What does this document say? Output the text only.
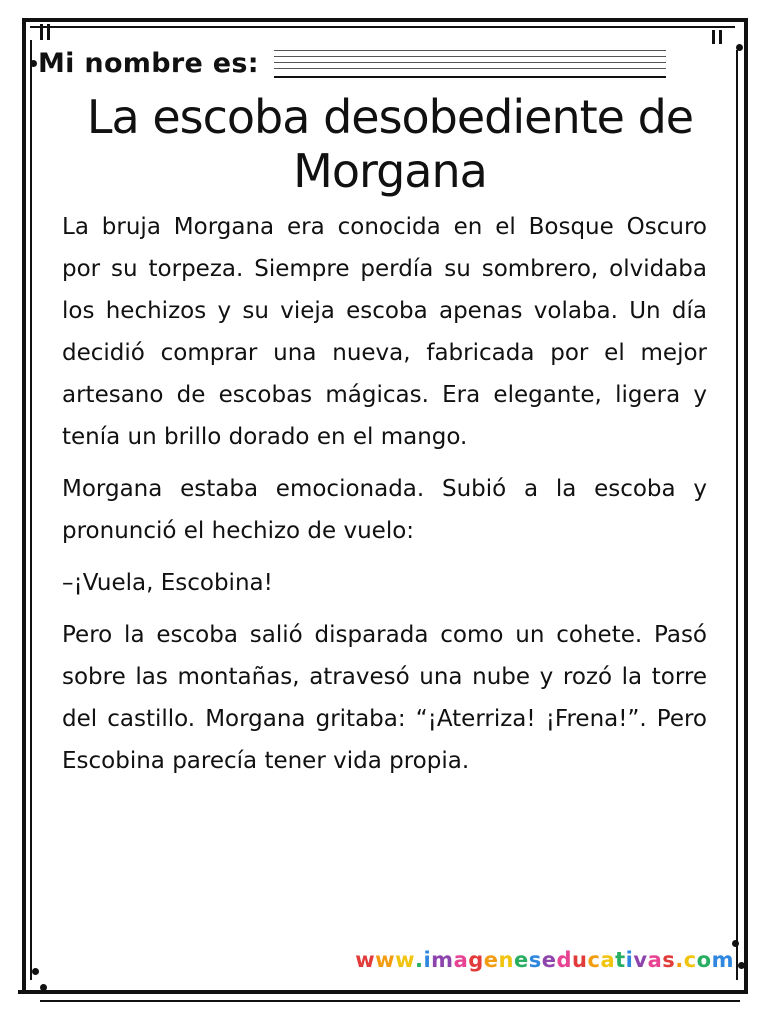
Mi nombre es:
La escoba desobediente de
Morgana

La bruja Morgana era conocida en el Bosque Oscuro por su torpeza. Siempre perdía su sombrero, olvidaba los hechizos y su vieja escoba apenas volaba. Un día decidió comprar una nueva, fabricada por el mejor artesano de escobas mágicas. Era elegante, ligera y tenía un brillo dorado en el mango.

Morgana estaba emocionada. Subió a la escoba y pronunció el hechizo de vuelo:

–¡Vuela, Escobina!

Pero la escoba salió disparada como un cohete. Pasó sobre las montañas, atravesó una nube y rozó la torre del castillo. Morgana gritaba: “¡Aterriza! ¡Frena!”. Pero Escobina parecía tener vida propia.

www.imageneseducativas.com
